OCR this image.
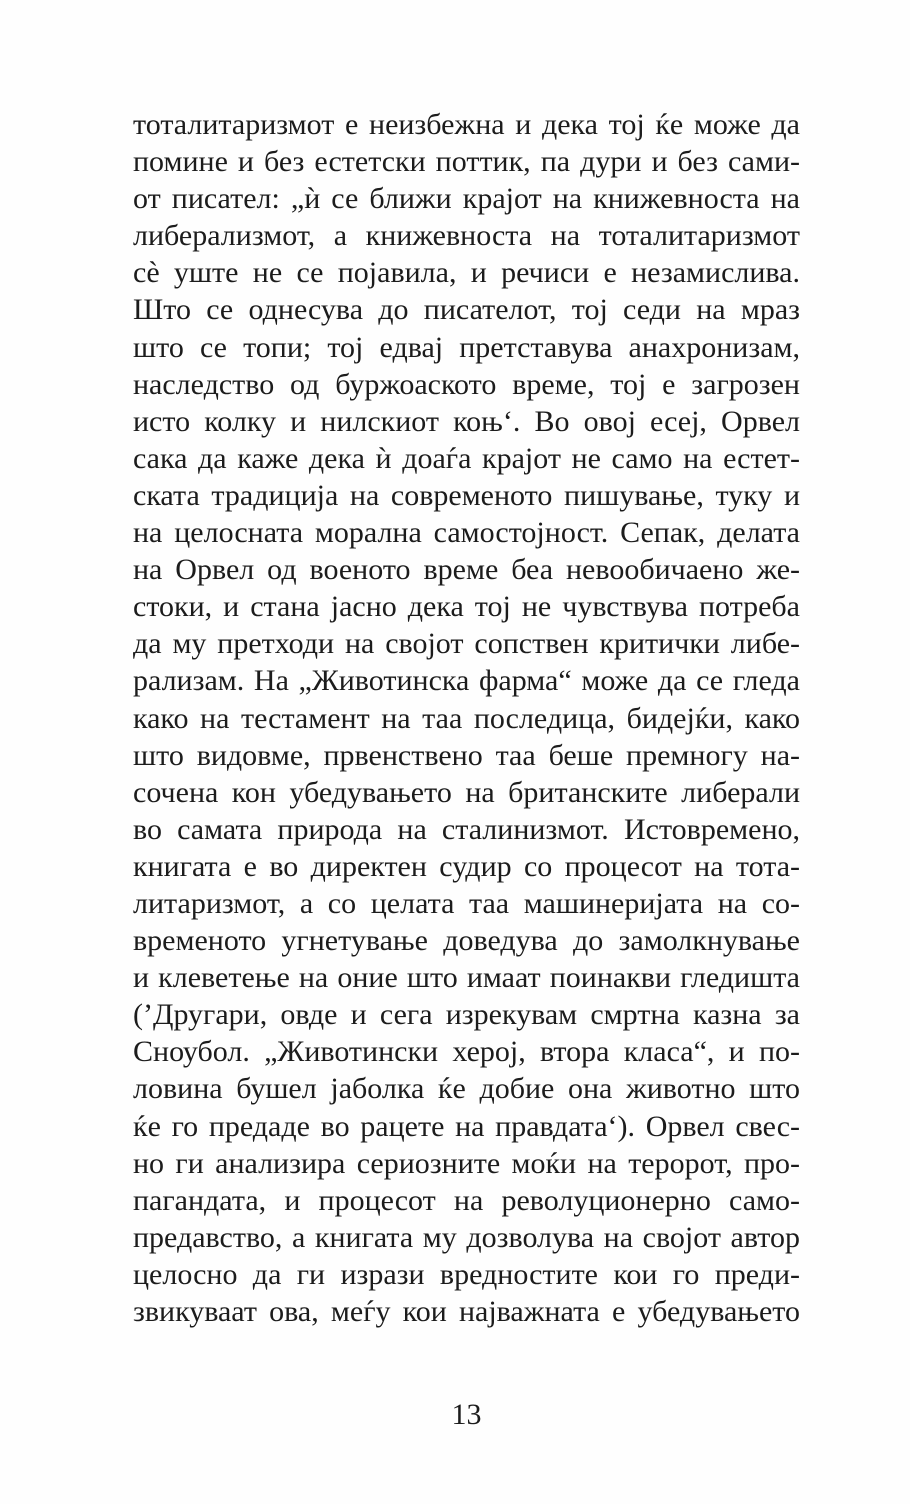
тоталитаризмот е неизбежна и дека тој ќе може да
помине и без естетски поттик, па дури и без сами-
от писател: „ѝ се ближи крајот на книжевноста на
либерализмот, а книжевноста на тоталитаризмот
сѐ уште не се појавила, и речиси е незамислива.
Што се однесува до писателот, тој седи на мраз
што се топи; тој едвај претставува анахронизам,
наследство од буржоаското време, тој е загрозен
исто колку и нилскиот коњ‘. Во овој есеј, Орвел
сака да каже дека ѝ доаѓа крајот не само на естет-
ската традиција на современото пишување, туку и
на целосната морална самостојност. Сепак, делата
на Орвел од военото време беа невообичаено же-
стоки, и стана јасно дека тој не чувствува потреба
да му претходи на својот сопствен критички либе-
рализам. На „Животинска фарма“ може да се гледа
како на тестамент на таа последица, бидејќи, како
што видовме, првенствено таа беше премногу на-
сочена кон убедувањето на британските либерали
во самата природа на сталинизмот. Истовремено,
книгата е во директен судир со процесот на тота-
литаризмот, а со целата таа машинеријата на со-
временото угнетување доведува до замолкнување
и клеветење на оние што имаат поинакви гледишта
(’Другари, овде и сега изрекувам смртна казна за
Сноубол. „Животински херој, втора класа“, и по-
ловина бушел јаболка ќе добие она животно што
ќе го предаде во рацете на правдата‘). Орвел свес-
но ги анализира сериозните моќи на теророт, про-
пагандата, и процесот на револуционерно само-
предавство, а книгата му дозволува на својот автор
целосно да ги изрази вредностите кои го преди-
звикуваат ова, меѓу кои најважната е убедувањето
13
